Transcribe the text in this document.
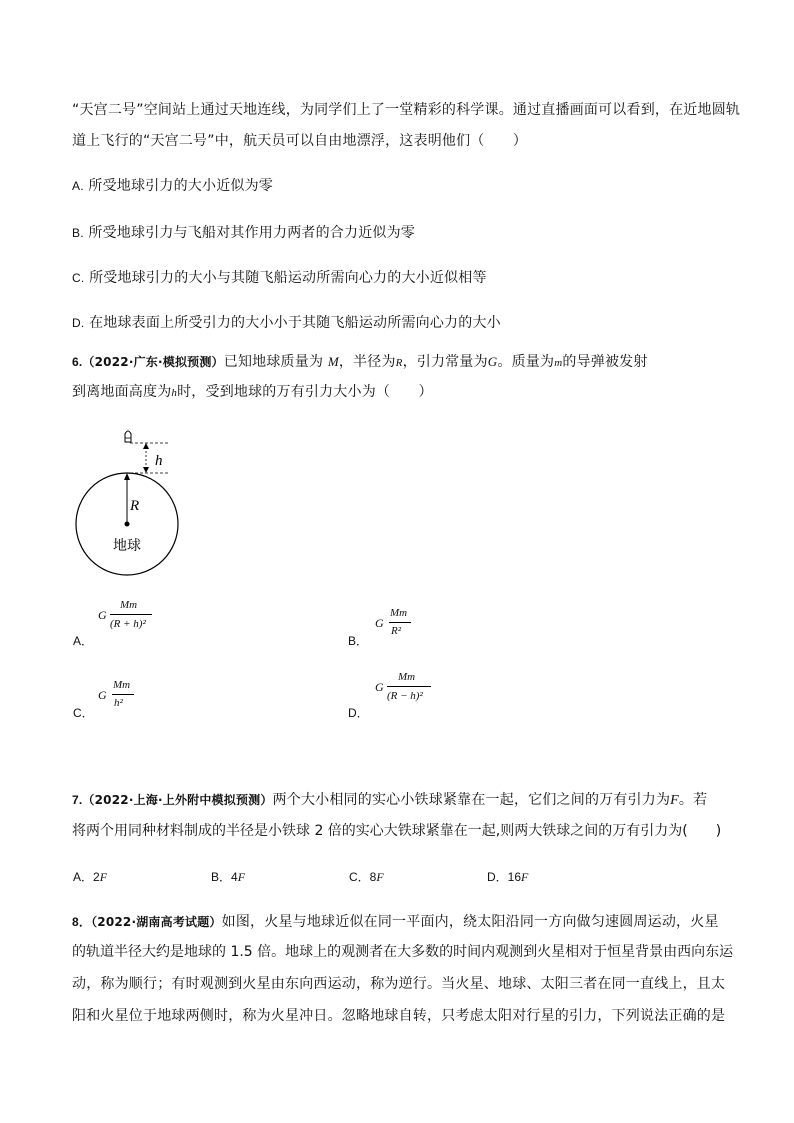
“天宫二号”空间站上通过天地连线，为同学们上了一堂精彩的科学课。通过直播画面可以看到，在近地圆轨
道上飞行的“天宫二号”中，航天员可以自由地漂浮，这表明他们（　　）
A. 所受地球引力的大小近似为零
B. 所受地球引力与飞船对其作用力两者的合力近似为零
C. 所受地球引力的大小与其随飞船运动所需向心力的大小近似相等
D. 在地球表面上所受引力的大小小于其随飞船运动所需向心力的大小
6.（2022·广东·模拟预测）已知地球质量为 M，半径为R，引力常量为G。质量为m的导弹被发射
到离地面高度为h时，受到地球的万有引力大小为（　　）
h
R
地球
A．
G
Mm
(R + h)²
B．
G
Mm
R²
C．
G
Mm
h²
D．
G
Mm
(R − h)²
7.（2022·上海·上外附中模拟预测）两个大小相同的实心小铁球紧靠在一起，它们之间的万有引力为F。若
将两个用同种材料制成的半径是小铁球 2 倍的实心大铁球紧靠在一起,则两大铁球之间的万有引力为(　　)
A．2F	B．4F	C．8F	D．16F
8．（2022·湖南高考试题）如图，火星与地球近似在同一平面内，绕太阳沿同一方向做匀速圆周运动，火星
的轨道半径大约是地球的 1.5 倍。地球上的观测者在大多数的时间内观测到火星相对于恒星背景由西向东运
动，称为顺行；有时观测到火星由东向西运动，称为逆行。当火星、地球、太阳三者在同一直线上，且太
阳和火星位于地球两侧时，称为火星冲日。忽略地球自转，只考虑太阳对行星的引力，下列说法正确的是
